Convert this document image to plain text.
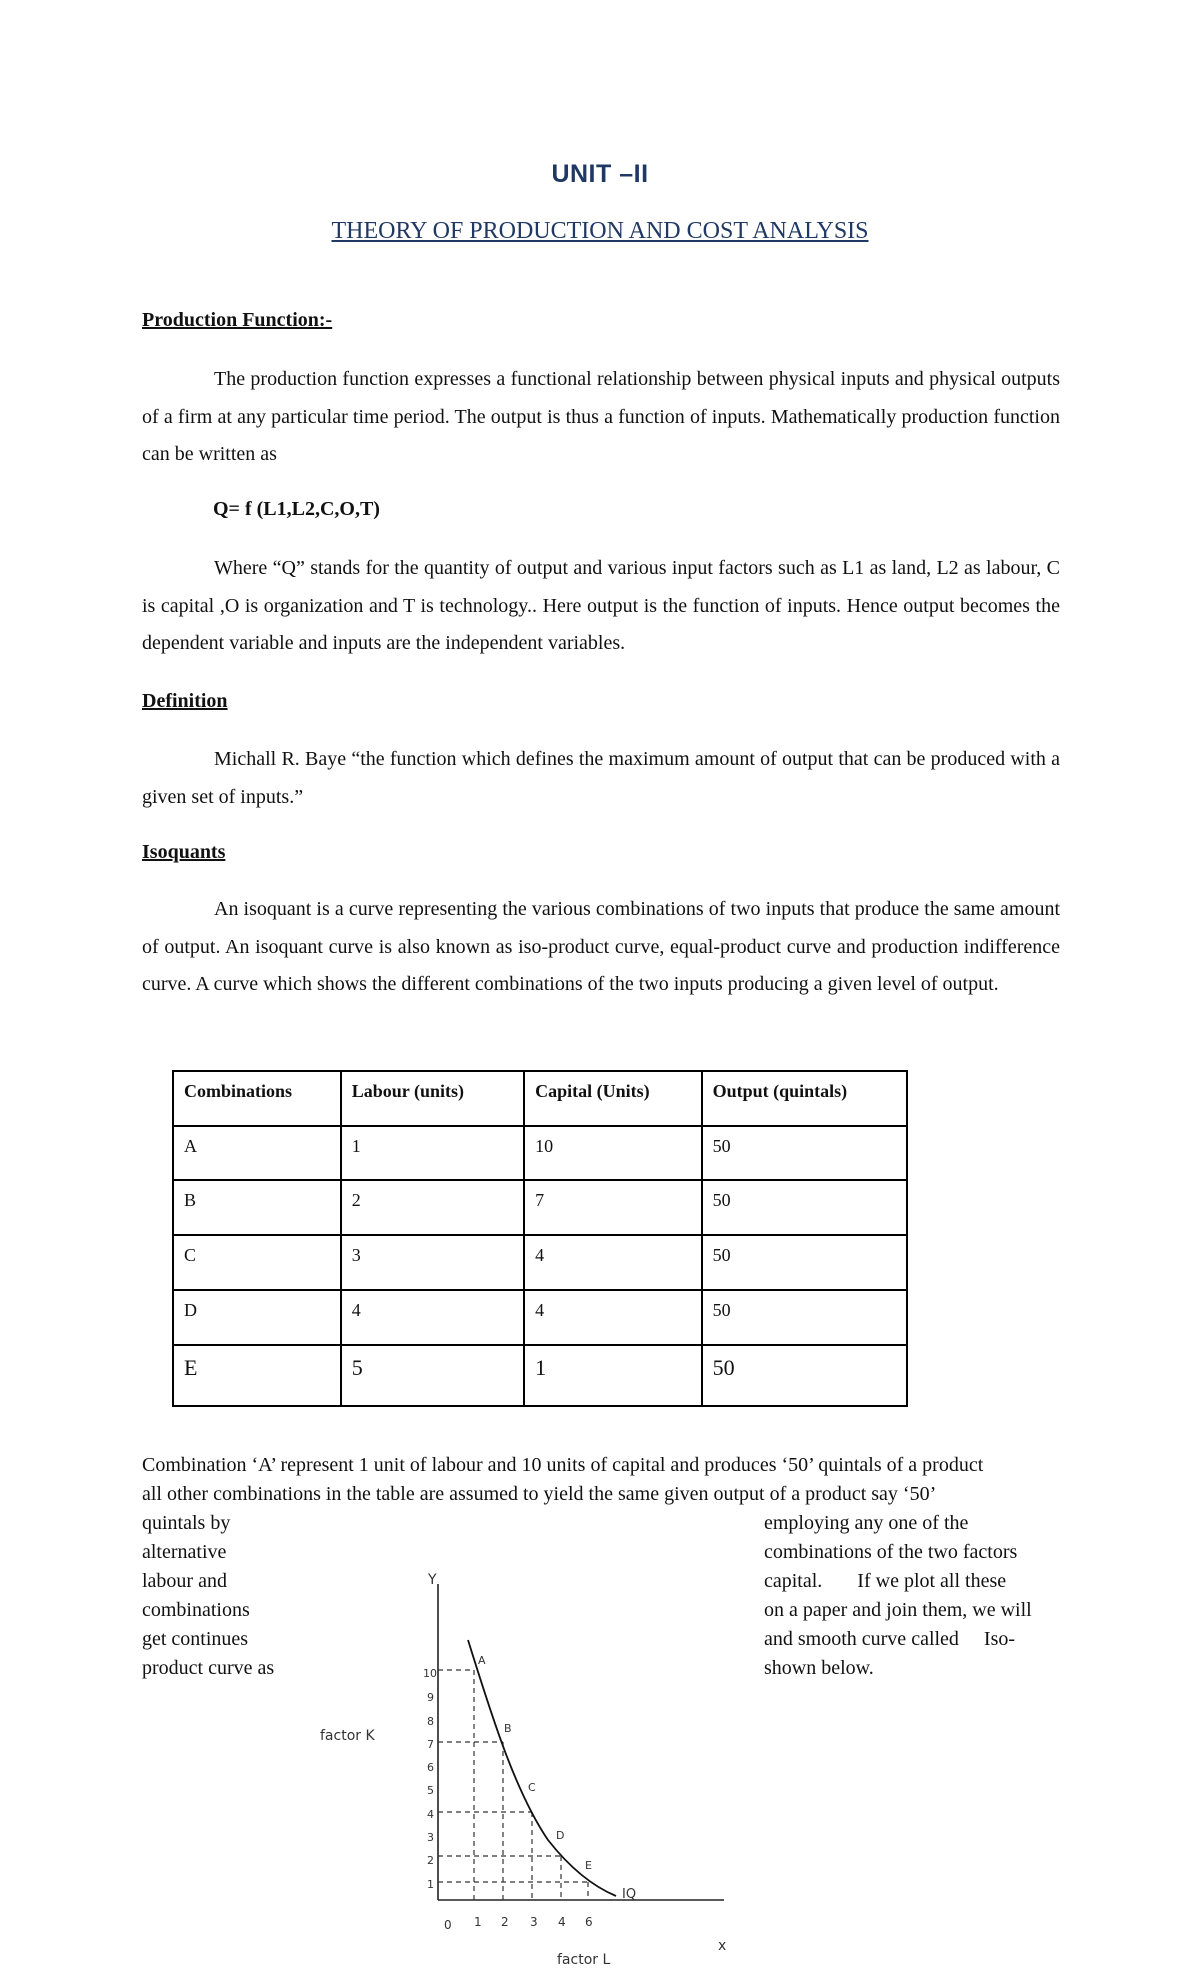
UNIT –II
THEORY OF PRODUCTION AND COST ANALYSIS
Production Function:-

The production function expresses a functional relationship between physical inputs and physical outputs of a firm at any particular time period. The output is thus a function of inputs. Mathematically production function can be written as

Q= f (L1,L2,C,O,T)

Where “Q” stands for the quantity of output and various input factors such as L1 as land, L2 as labour, C is capital ,O is organization and T is technology.. Here output is the function of inputs. Hence output becomes the dependent variable and inputs are the independent variables.

Definition

Michall R. Baye “the function which defines the maximum amount of output that can be produced with a given set of inputs.”

Isoquants

An isoquant is a curve representing the various combinations of two inputs that produce the same amount of output. An isoquant curve is also known as iso-product curve, equal-product curve and production indifference curve. A curve which shows the different combinations of the two inputs producing a given level of output.

Combinations	Labour (units)	Capital (Units)	Output (quintals)
A	1	10	50
B	2	7	50
C	3	4	50
D	4	4	50
E	5	1	50
Combination ‘A’ represent 1 unit of labour and 10 units of capital and produces ‘50’ quintals of a product
all other combinations in the table are assumed to yield the same given output of a product say ‘50’
quintals by
alternative
labour and
combinations
get continues
product curve as
employing any one of the
combinations of the two factors
capital.       If we plot all these
on a paper and join them, we will
and smooth curve called     Iso-
shown below.
Y
x
10
9
8
7
6
5
4
3
2
1
0 1 2 3 4 6
A
B
C
D
E
IQ
factor K
factor L
